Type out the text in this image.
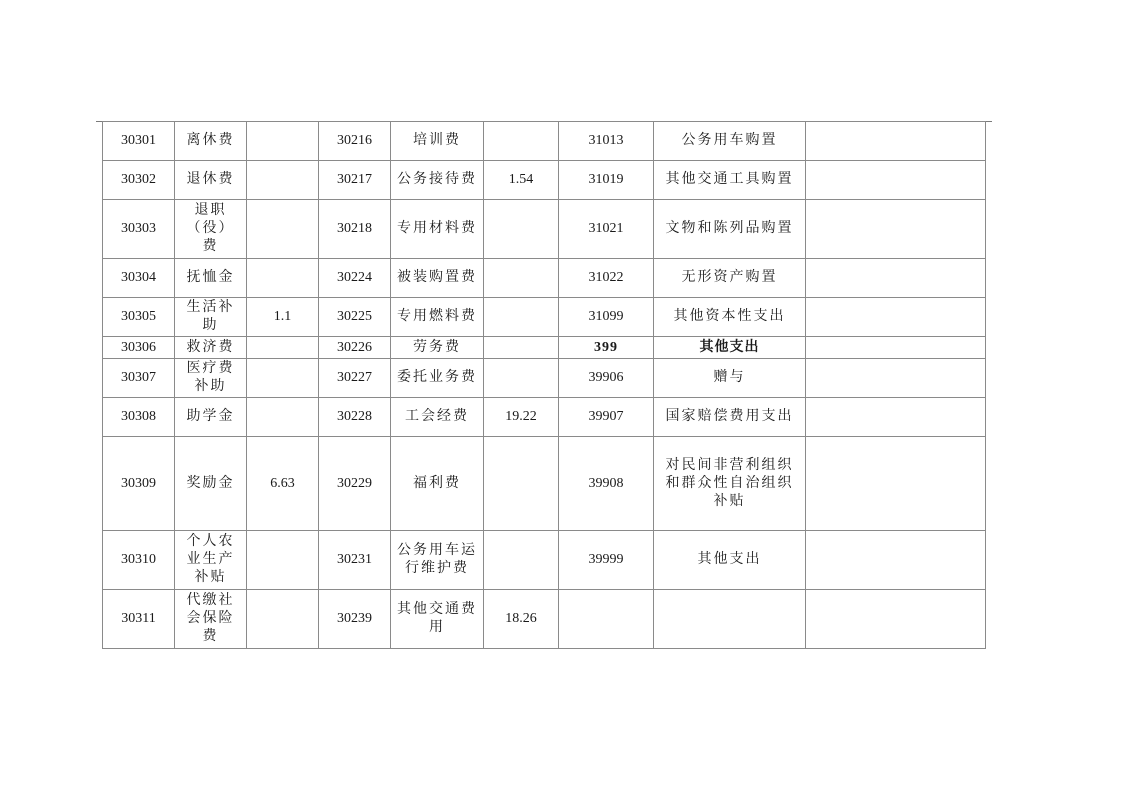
30301	离休费		30216	培训费		31013	公务用车购置	
30302	退休费		30217	公务接待费	1.54	31019	其他交通工具购置	
30303	退职（役）费		30218	专用材料费		31021	文物和陈列品购置	
30304	抚恤金		30224	被装购置费		31022	无形资产购置	
30305	生活补助	1.1	30225	专用燃料费		31099	其他资本性支出	
30306	救济费		30226	劳务费		399	其他支出	
30307	医疗费补助		30227	委托业务费		39906	赠与	
30308	助学金		30228	工会经费	19.22	39907	国家赔偿费用支出	
30309	奖励金	6.63	30229	福利费		39908	对民间非营利组织和群众性自治组织补贴	
30310	个人农业生产补贴		30231	公务用车运行维护费		39999	其他支出	
30311	代缴社会保险费		30239	其他交通费用	18.26			
